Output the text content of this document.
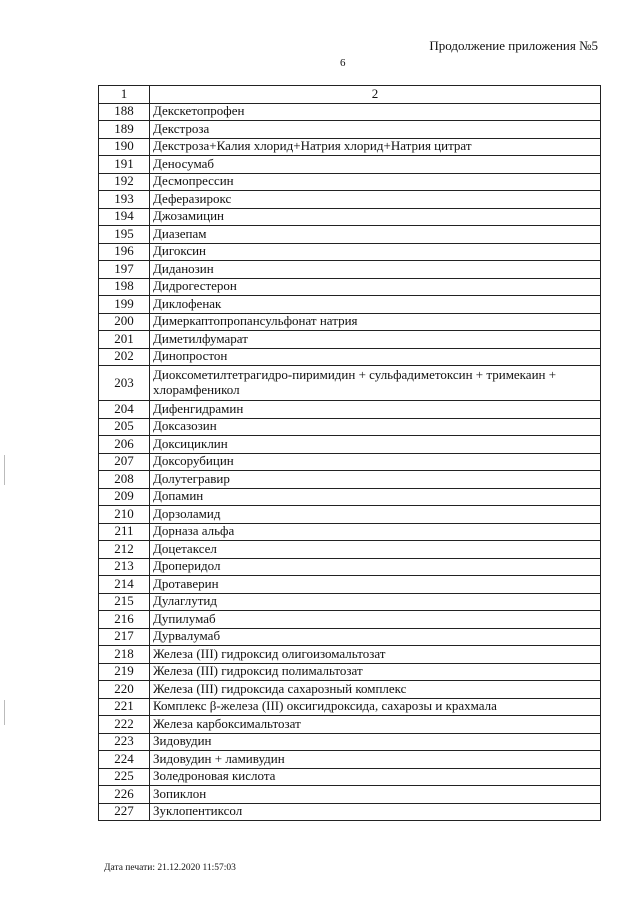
Продолжение приложения №5
6
1	2
188	Декскетопрофен
189	Декстроза
190	Декстроза+Калия хлорид+Натрия хлорид+Натрия цитрат
191	Деносумаб
192	Десмопрессин
193	Деферазирокс
194	Джозамицин
195	Диазепам
196	Дигоксин
197	Диданозин
198	Дидрогестерон
199	Диклофенак
200	Димеркаптопропансульфонат натрия
201	Диметилфумарат
202	Динопростон
203	Диоксометилтетрагидро-пиримидин + сульфадиметоксин + тримекаин + хлорамфеникол
204	Дифенгидрамин
205	Доксазозин
206	Доксициклин
207	Доксорубицин
208	Долутегравир
209	Допамин
210	Дорзоламид
211	Дорназа альфа
212	Доцетаксел
213	Дроперидол
214	Дротаверин
215	Дулаглутид
216	Дупилумаб
217	Дурвалумаб
218	Железа (III) гидроксид олигоизомальтозат
219	Железа (III) гидроксид полимальтозат
220	Железа (III) гидроксида сахарозный комплекс
221	Комплекс β-железа (III) оксигидроксида, сахарозы и крахмала
222	Железа карбоксимальтозат
223	Зидовудин
224	Зидовудин + ламивудин
225	Золедроновая кислота
226	Зопиклон
227	Зуклопентиксол
Дата печати: 21.12.2020 11:57:03
